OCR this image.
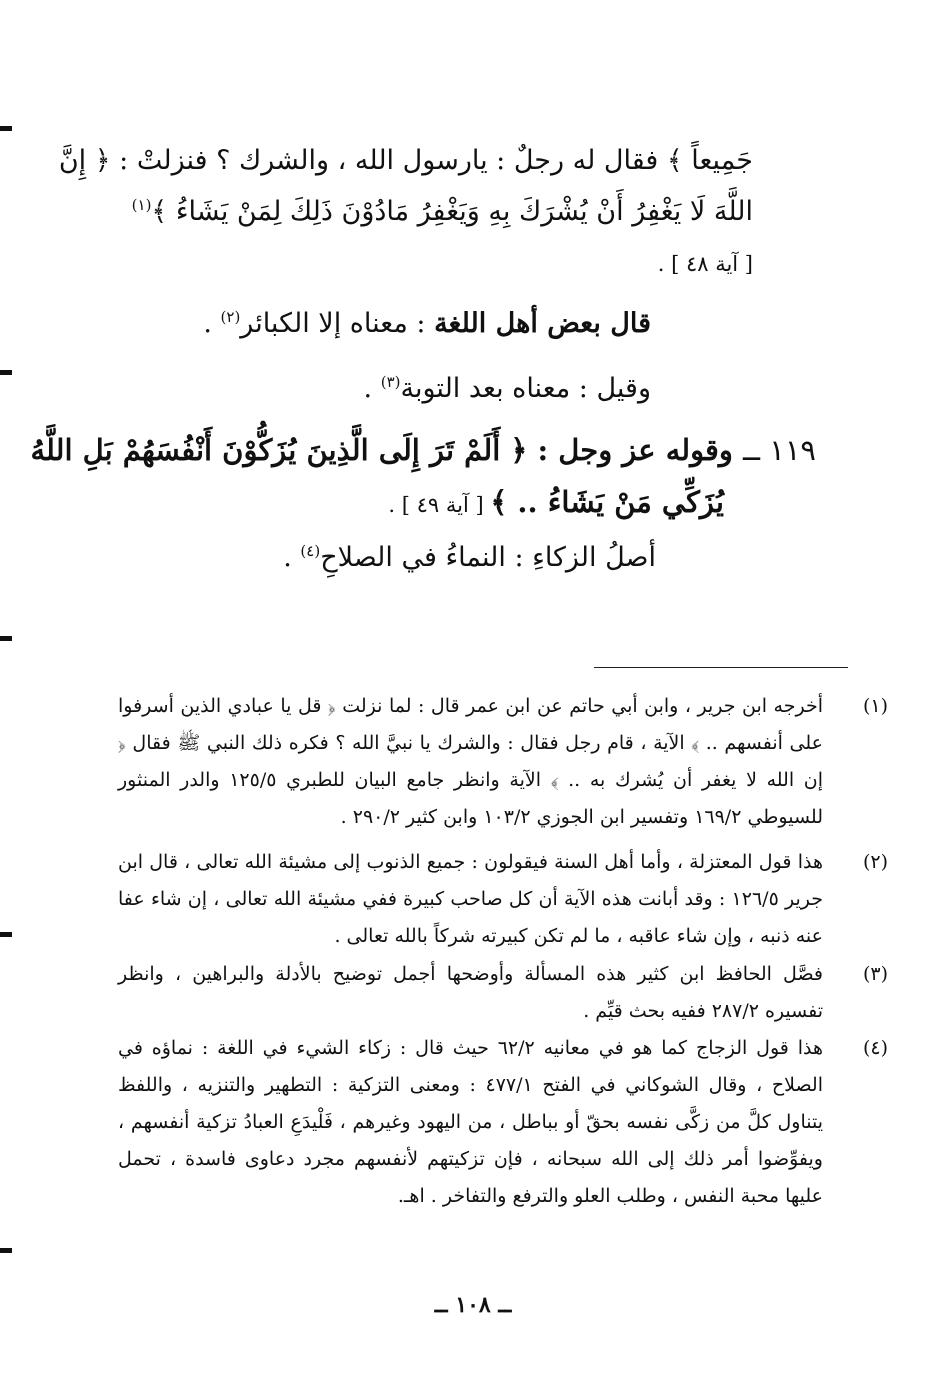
جَمِيعاً ﴾ فقال له رجلٌ : يارسول الله ، والشرك ؟ فنزلتْ : ﴿ إِنَّ
اللَّهَ لَا يَغْفِرُ أَنْ يُشْرَكَ بِهِ وَيَغْفِرُ مَادُوْنَ ذَلِكَ لِمَنْ يَشَاءُ ﴾$^{(١)}$
[ آية ٤٨ ] .
قال بعض أهل اللغة : معناه إلا الكبائر$^{(٢)}$ .
وقيل : معناه بعد التوبة$^{(٣)}$ .
١١٩ ــ وقوله عز وجل : ﴿ أَلَمْ تَرَ إِلَى الَّذِينَ يُزَكُّوْنَ أَنْفُسَهُمْ بَلِ اللَّهُ
يُزَكِّي مَنْ يَشَاءُ .. ﴾ [ آية ٤٩ ] .
أصلُ الزكاءِ : النماءُ في الصلاحِ$^{(٤)}$ .
(١)
أخرجه ابن جرير ، وابن أبي حاتم عن ابن عمر قال : لما نزلت ﴿ قل يا عبادي الذين أسرفوا على أنفسهم .. ﴾ الآية ، قام رجل فقال : والشرك يا نبيَّ الله ؟ فكره ذلك النبي ﷺ فقال ﴿ إن الله لا يغفر أن يُشرك به .. ﴾ الآية وانظر جامع البيان للطبري ١٢٥/٥ والدر المنثور للسيوطي ١٦٩/٢ وتفسير ابن الجوزي ١٠٣/٢ وابن كثير ٢٩٠/٢ .
(٢)
هذا قول المعتزلة ، وأما أهل السنة فيقولون : جميع الذنوب إلى مشيئة الله تعالى ، قال ابن جرير ١٢٦/٥ : وقد أبانت هذه الآية أن كل صاحب كبيرة ففي مشيئة الله تعالى ، إن شاء عفا عنه ذنبه ، وإن شاء عاقبه ، ما لم تكن كبيرته شركاً بالله تعالى .
(٣)
فصَّل الحافظ ابن كثير هذه المسألة وأوضحها أجمل توضيح بالأدلة والبراهين ، وانظر تفسيره ٢٨٧/٢ ففيه بحث قيِّم .
(٤)
هذا قول الزجاج كما هو في معانيه ٦٢/٢ حيث قال : زكاء الشيء في اللغة : نماؤه في الصلاح ، وقال الشوكاني في الفتح ٤٧٧/١ : ومعنى التزكية : التطهير والتنزيه ، واللفظ يتناول كلَّ من زكَّى نفسه بحقّ أو بباطل ، من اليهود وغيرهم ، فَلْيدَعِ العبادُ تزكية أنفسهم ، ويفوِّضوا أمر ذلك إلى الله سبحانه ، فإن تزكيتهم لأنفسهم مجرد دعاوى فاسدة ، تحمل عليها محبة النفس ، وطلب العلو والترفع والتفاخر . اهـ.
ــ ١٠٨ ــ
